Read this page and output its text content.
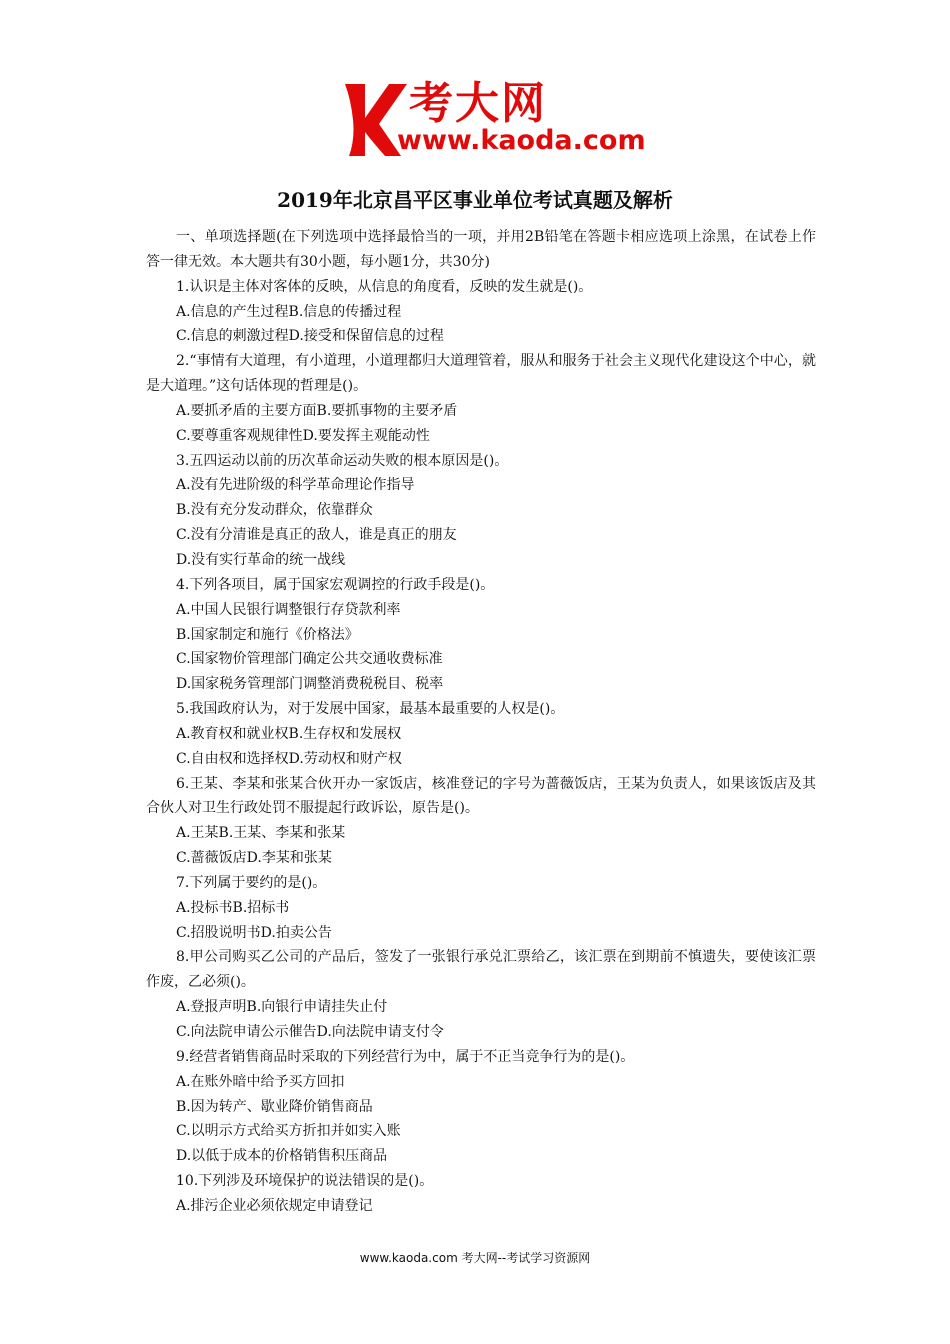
考大网
www.kaoda.com
2019年北京昌平区事业单位考试真题及解析

一、单项选择题(在下列选项中选择最恰当的一项，并用2B铅笔在答题卡相应选项上涂黑，在试卷上作答一律无效。本大题共有30小题，每小题1分，共30分)

1.认识是主体对客体的反映，从信息的角度看，反映的发生就是()。

A.信息的产生过程B.信息的传播过程

C.信息的刺激过程D.接受和保留信息的过程

2.“事情有大道理，有小道理，小道理都归大道理管着，服从和服务于社会主义现代化建设这个中心，就是大道理。”这句话体现的哲理是()。

A.要抓矛盾的主要方面B.要抓事物的主要矛盾

C.要尊重客观规律性D.要发挥主观能动性

3.五四运动以前的历次革命运动失败的根本原因是()。

A.没有先进阶级的科学革命理论作指导

B.没有充分发动群众，依靠群众

C.没有分清谁是真正的敌人，谁是真正的朋友

D.没有实行革命的统一战线

4.下列各项目，属于国家宏观调控的行政手段是()。

A.中国人民银行调整银行存贷款利率

B.国家制定和施行《价格法》

C.国家物价管理部门确定公共交通收费标准

D.国家税务管理部门调整消费税税目、税率

5.我国政府认为，对于发展中国家，最基本最重要的人权是()。

A.教育权和就业权B.生存权和发展权

C.自由权和选择权D.劳动权和财产权

6.王某、李某和张某合伙开办一家饭店，核准登记的字号为蔷薇饭店，王某为负责人，如果该饭店及其合伙人对卫生行政处罚不服提起行政诉讼，原告是()。

A.王某B.王某、李某和张某

C.蔷薇饭店D.李某和张某

7.下列属于要约的是()。

A.投标书B.招标书

C.招股说明书D.拍卖公告

8.甲公司购买乙公司的产品后，签发了一张银行承兑汇票给乙，该汇票在到期前不慎遗失，要使该汇票作废，乙必须()。

A.登报声明B.向银行申请挂失止付

C.向法院申请公示催告D.向法院申请支付令

9.经营者销售商品时采取的下列经营行为中，属于不正当竞争行为的是()。

A.在账外暗中给予买方回扣

B.因为转产、歇业降价销售商品

C.以明示方式给买方折扣并如实入账

D.以低于成本的价格销售积压商品

10.下列涉及环境保护的说法错误的是()。

A.排污企业必须依规定申请登记

www.kaoda.com 考大网--考试学习资源网
